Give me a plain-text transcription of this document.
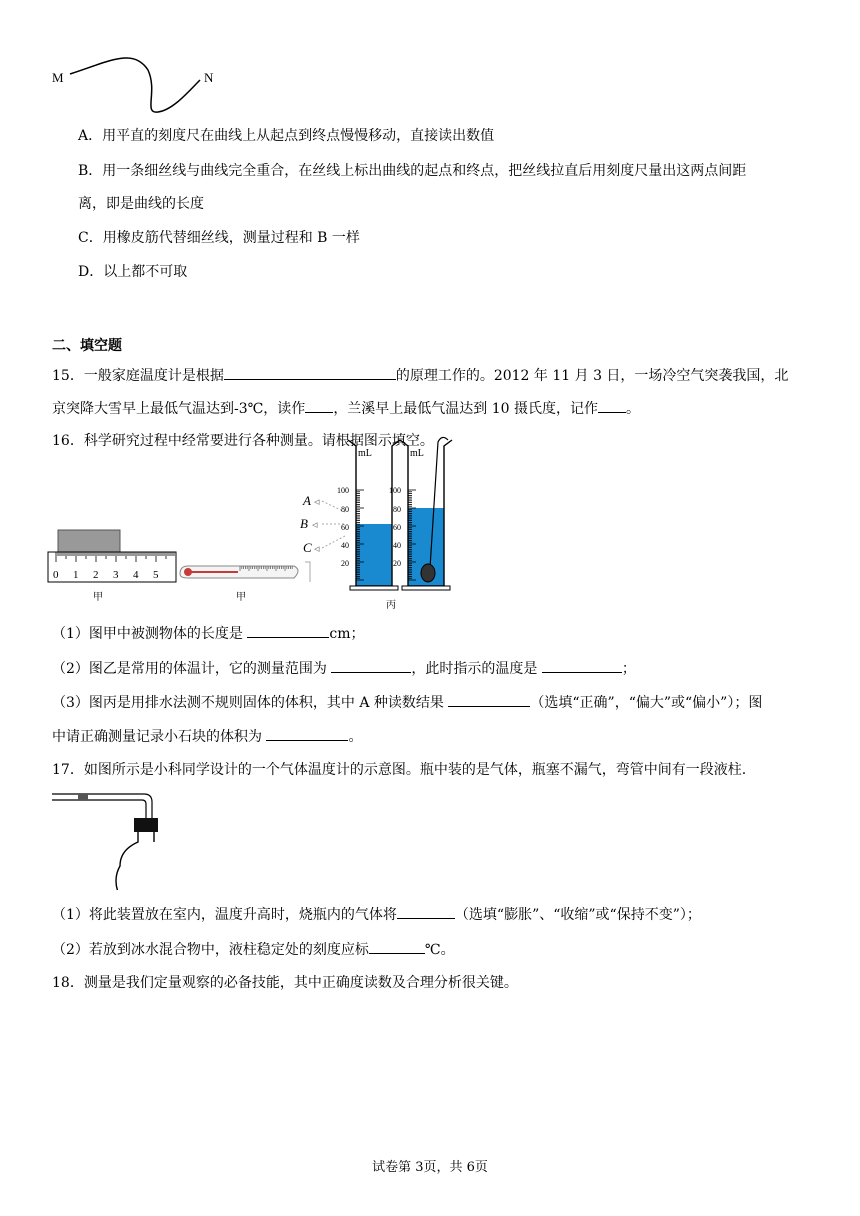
M	N
A．用平直的刻度尺在曲线上从起点到终点慢慢移动，直接读出数值
B．用一条细丝线与曲线完全重合，在丝线上标出曲线的起点和终点，把丝线拉直后用刻度尺量出这两点间距
离，即是曲线的长度
C．用橡皮筋代替细丝线，测量过程和 B 一样
D．以上都不可取
二、填空题
15．一般家庭温度计是根据	的原理工作的。2012 年 11 月 3 日，一场冷空气突袭我国，北
京突降大雪早上最低气温达到-3℃，读作 ，兰溪早上最低气温达到 10 摄氏度，记作 。
16．科学研究过程中经常要进行各种测量。请根据图示填空。
0 1 2 3 4 5
甲	甲
A
B
C
◃
◃
◃
mL
100
80
60
40
20
mL
100
80
60
40
20
丙
（1）图甲中被测物体的长度是	cm；
（2）图乙是常用的体温计，它的测量范围为	，此时指示的温度是	；
（3）图丙是用排水法测不规则固体的体积，其中 A 种读数结果	（选填“正确”，“偏大”或“偏小”）；图
中请正确测量记录小石块的体积为	。
17．如图所示是小科同学设计的一个气体温度计的示意图。瓶中装的是气体，瓶塞不漏气，弯管中间有一段液柱.
（1）将此装置放在室内，温度升高时，烧瓶内的气体将	（选填“膨胀”、“收缩”或“保持不变”）；
（2）若放到冰水混合物中，液柱稳定处的刻度应标	℃。
18．测量是我们定量观察的必备技能，其中正确度读数及合理分析很关键。
试卷第 3页，共 6页
